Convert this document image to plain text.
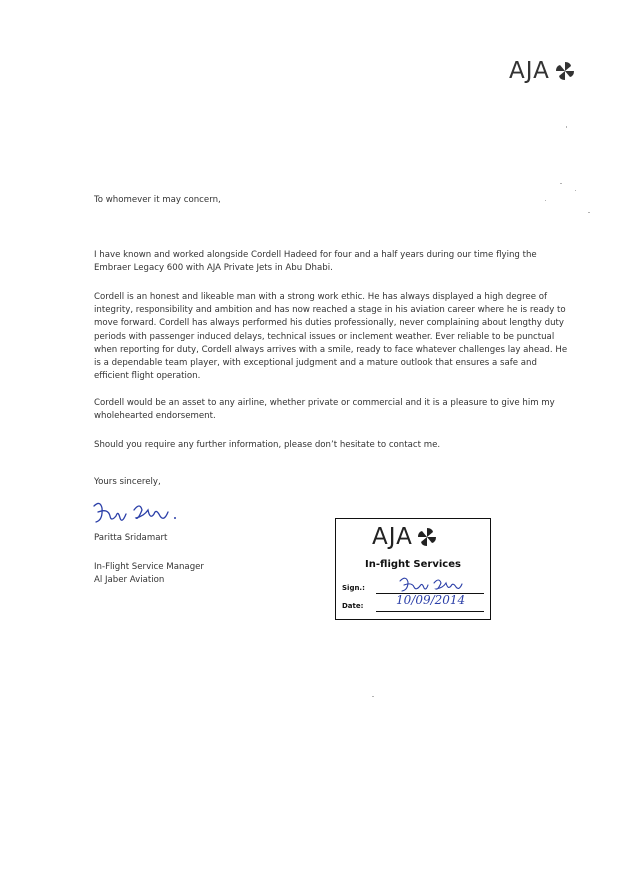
AJA

To whomever it may concern,

I have known and worked alongside Cordell Hadeed for four and a half years during our time flying the Embraer Legacy 600 with AJA Private Jets in Abu Dhabi.

Cordell is an honest and likeable man with a strong work ethic. He has always displayed a high degree of integrity, responsibility and ambition and has now reached a stage in his aviation career where he is ready to move forward. Cordell has always performed his duties professionally, never complaining about lengthy duty periods with passenger induced delays, technical issues or inclement weather. Ever reliable to be punctual when reporting for duty, Cordell always arrives with a smile, ready to face whatever challenges lay ahead. He is a dependable team player, with exceptional judgment and a mature outlook that ensures a safe and efficient flight operation.

Cordell would be an asset to any airline, whether private or commercial and it is a pleasure to give him my wholehearted endorsement.

Should you require any further information, please don’t hesitate to contact me.

Yours sincerely,

Paritta Sridamart

In-Flight Service Manager
Al Jaber Aviation
AJA
In-flight Services
Sign.:
Date:	10/09/2014
